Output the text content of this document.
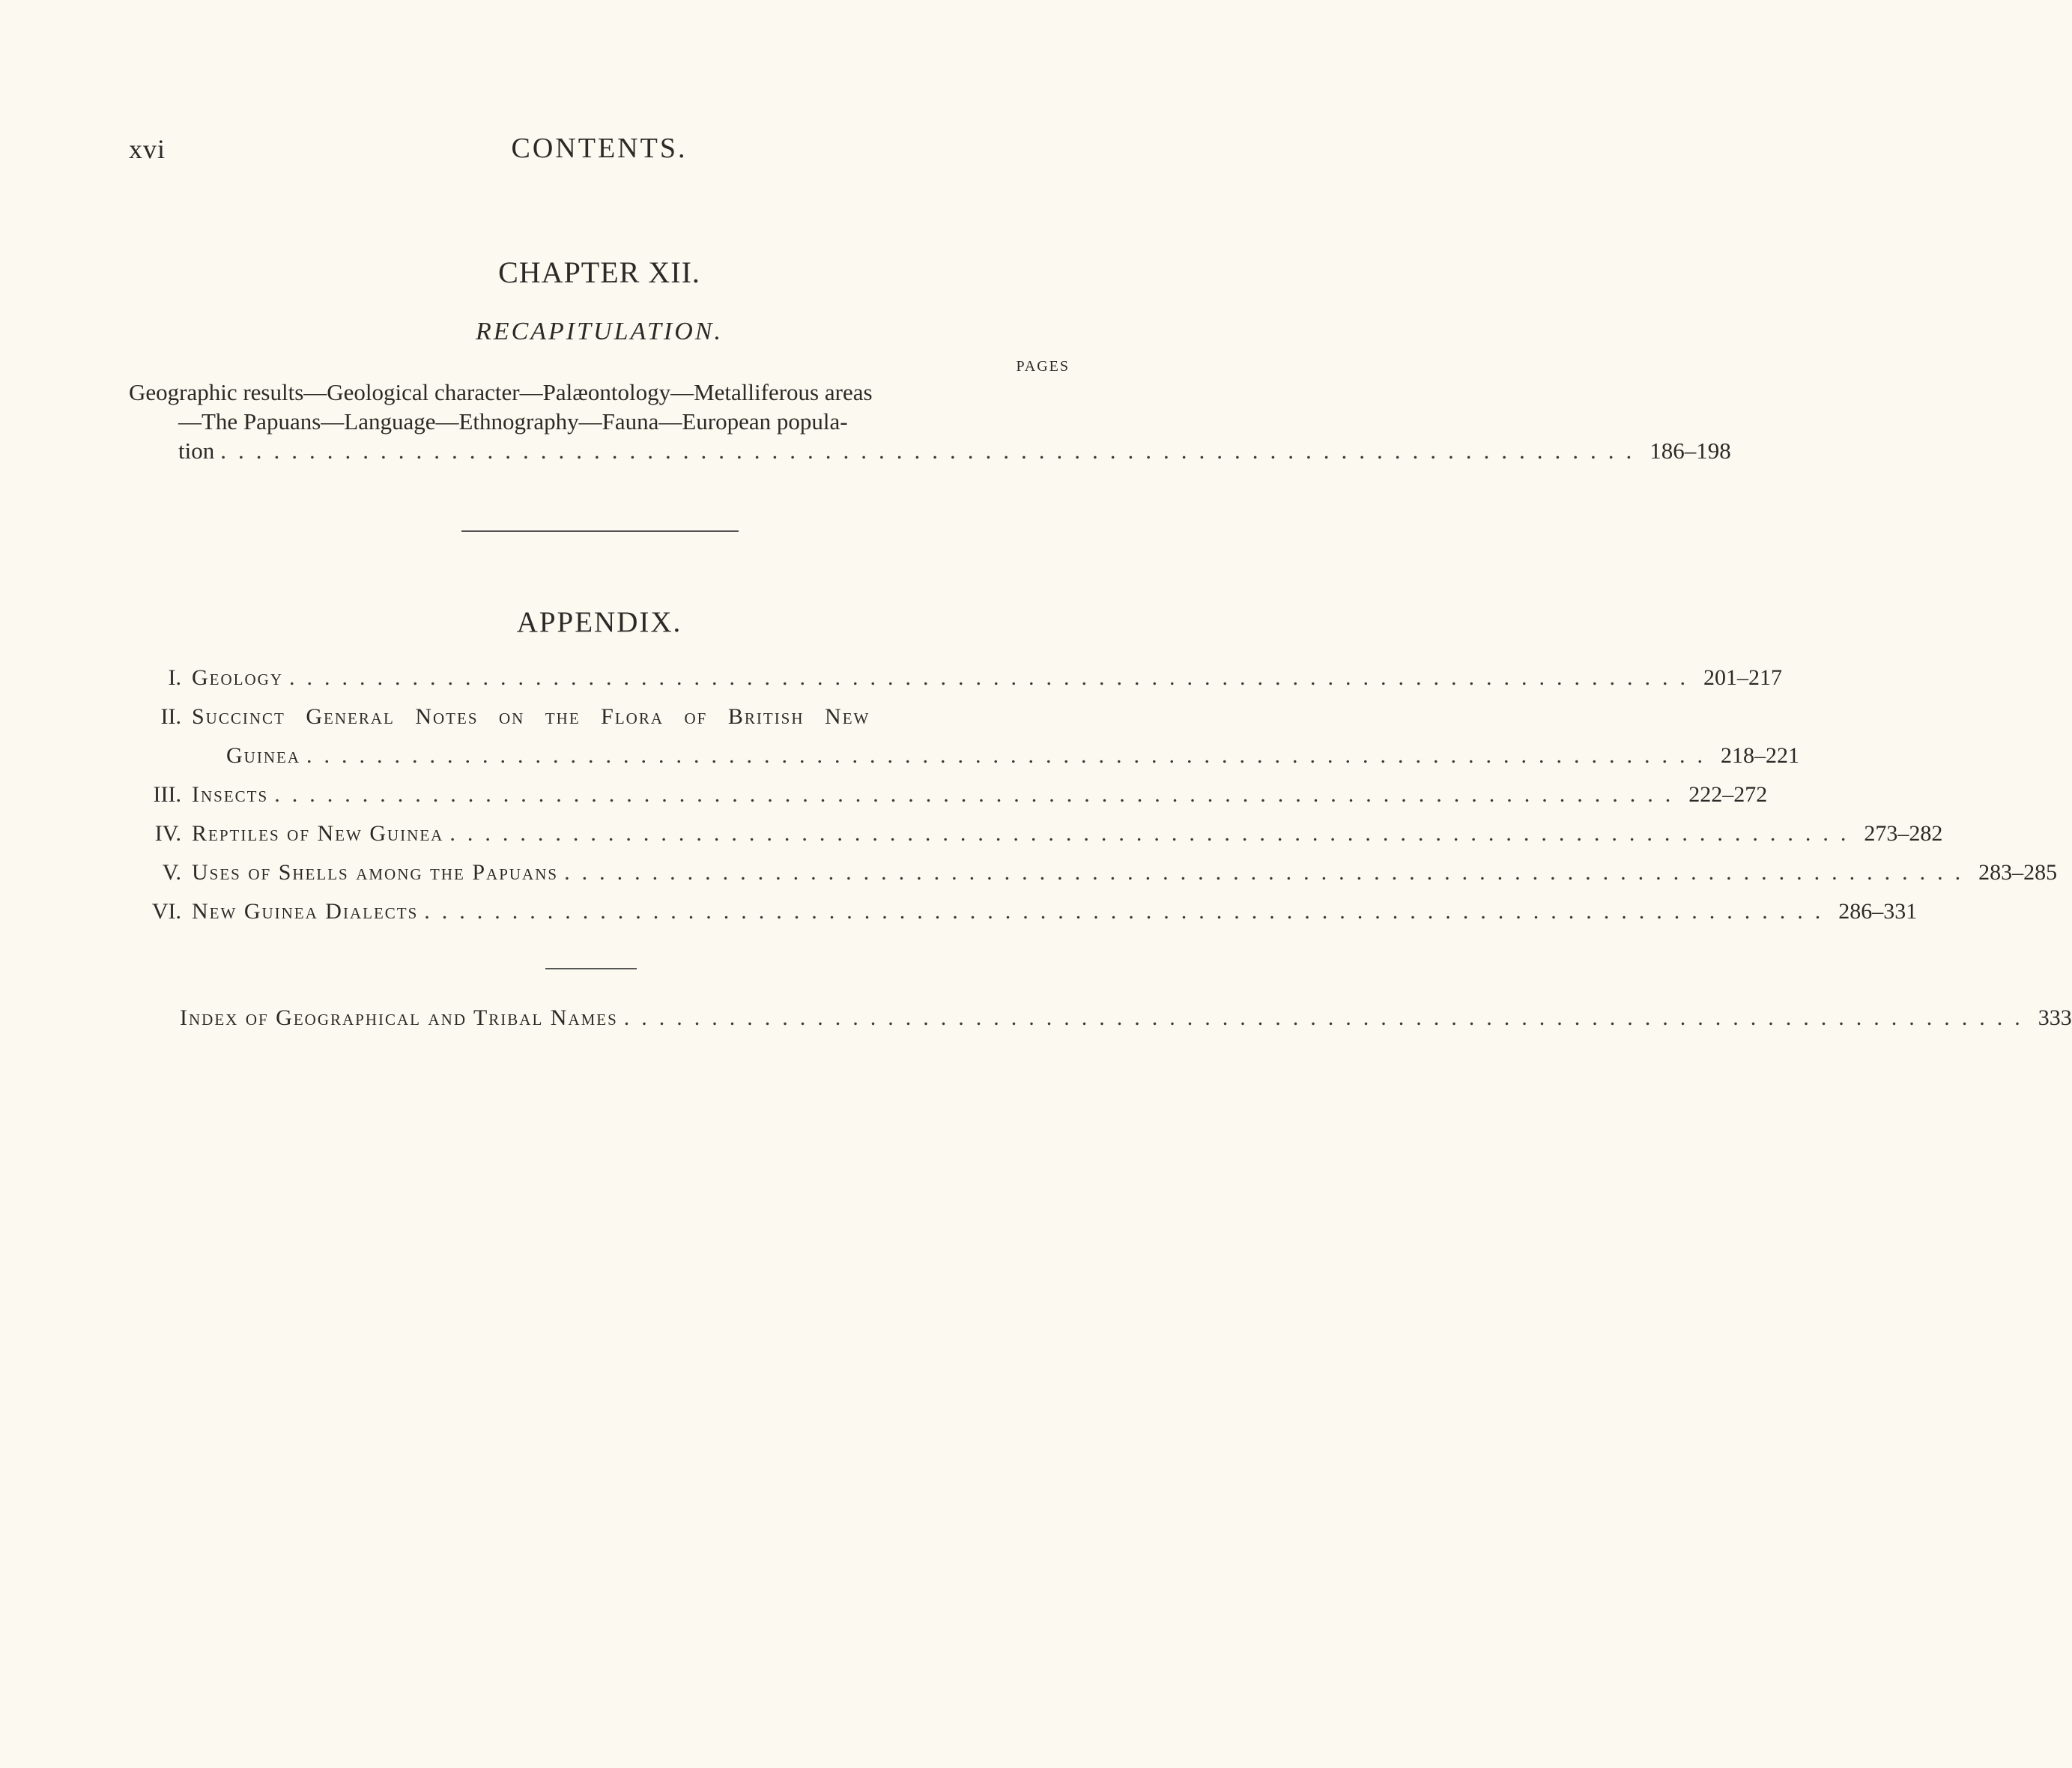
xvi	CONTENTS.
CHAPTER XII.
RECAPITULATION.
PAGES
Geographic results—Geological character—Palæontology—Metalliferous areas
—The Papuans—Language—Ethnography—Fauna—European popula-
tion ................................................................................ 186–198
APPENDIX.
I. Geology ................................................................................ 201–217
II. Succinct General Notes on the Flora of British New
Guinea ................................................................................ 218–221
III. Insects ................................................................................ 222–272
IV. Reptiles of New Guinea ................................................................................ 273–282
V. Uses of Shells among the Papuans ................................................................................ 283–285
VI. New Guinea Dialects ................................................................................ 286–331
Index of Geographical and Tribal Names ................................................................................ 333
